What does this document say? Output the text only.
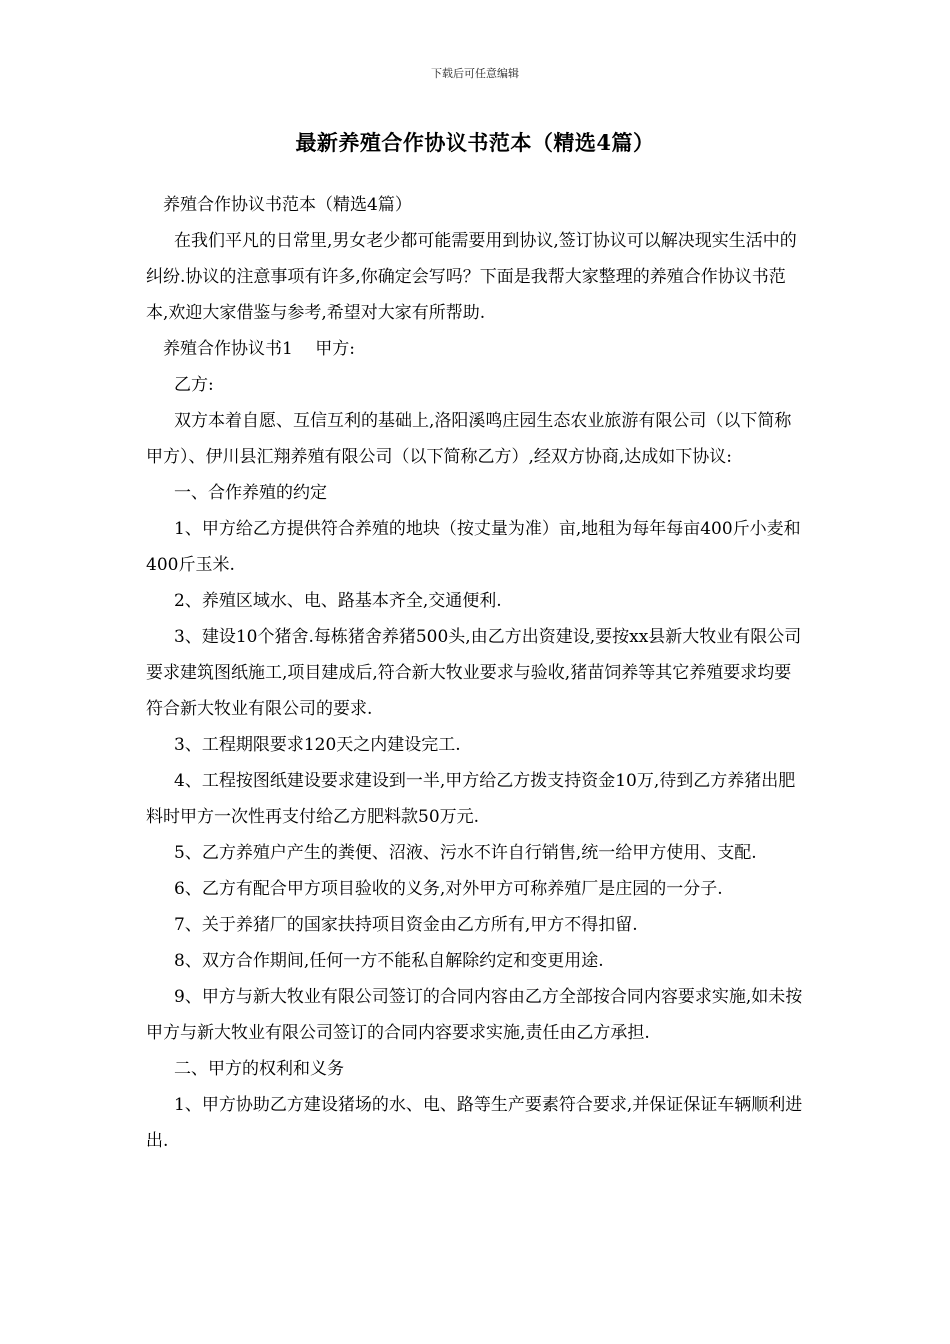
下载后可任意编辑
最新养殖合作协议书范本（精选4篇）

养殖合作协议书范本（精选4篇）

在我们平凡的日常里,男女老少都可能需要用到协议,签订协议可以解决现实生活中的纠纷.协议的注意事项有许多,你确定会写吗？下面是我帮大家整理的养殖合作协议书范本,欢迎大家借鉴与参考,希望对大家有所帮助.

养殖合作协议书1　 甲方:

乙方:

双方本着自愿、互信互利的基础上,洛阳溪鸣庄园生态农业旅游有限公司（以下简称甲方）、伊川县汇翔养殖有限公司（以下简称乙方）,经双方协商,达成如下协议:

一、合作养殖的约定

1、甲方给乙方提供符合养殖的地块（按丈量为准）亩,地租为每年每亩400斤小麦和400斤玉米.

2、养殖区域水、电、路基本齐全,交通便利.

3、建设10个猪舍.每栋猪舍养猪500头,由乙方出资建设,要按xx县新大牧业有限公司要求建筑图纸施工,项目建成后,符合新大牧业要求与验收,猪苗饲养等其它养殖要求均要符合新大牧业有限公司的要求.

3、工程期限要求120天之内建设完工.

4、工程按图纸建设要求建设到一半,甲方给乙方拨支持资金10万,待到乙方养猪出肥料时甲方一次性再支付给乙方肥料款50万元.

5、乙方养殖户产生的粪便、沼液、污水不许自行销售,统一给甲方使用、支配.

6、乙方有配合甲方项目验收的义务,对外甲方可称养殖厂是庄园的一分子.

7、关于养猪厂的国家扶持项目资金由乙方所有,甲方不得扣留.

8、双方合作期间,任何一方不能私自解除约定和变更用途.

9、甲方与新大牧业有限公司签订的合同内容由乙方全部按合同内容要求实施,如未按甲方与新大牧业有限公司签订的合同内容要求实施,责任由乙方承担.

二、甲方的权利和义务

1、甲方协助乙方建设猪场的水、电、路等生产要素符合要求,并保证保证车辆顺利进出.
